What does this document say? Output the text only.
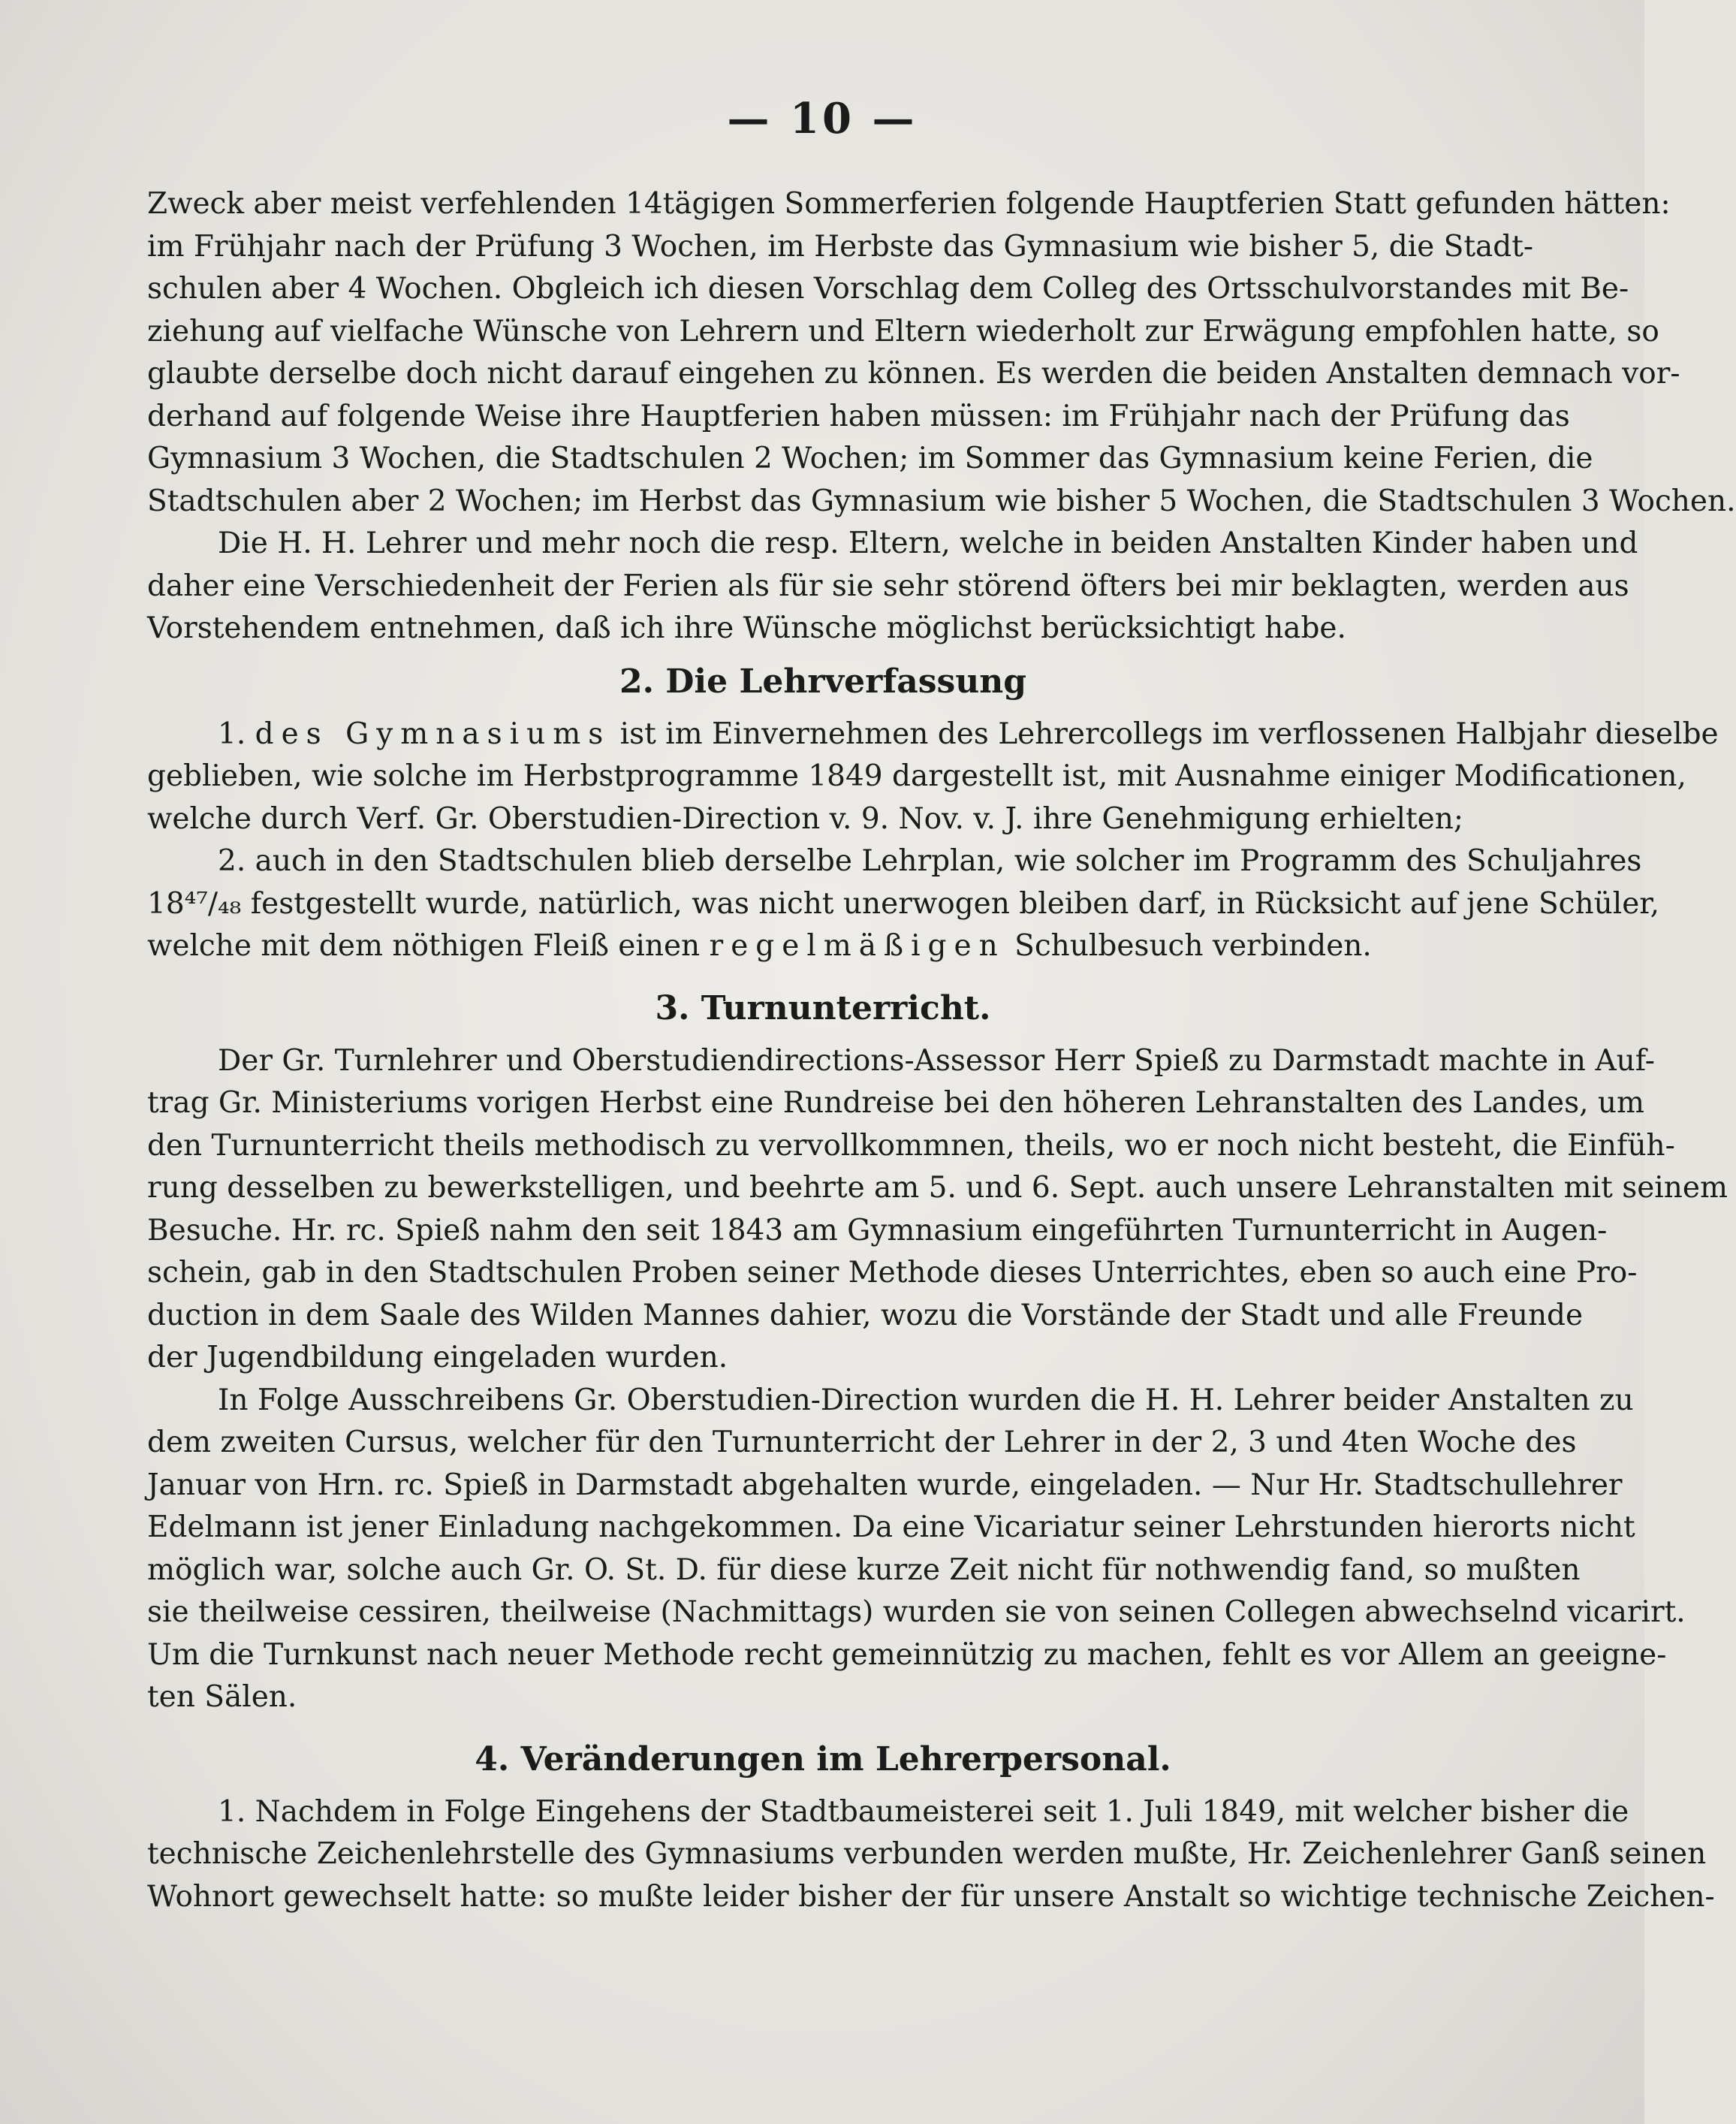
— 10 —
Zweck aber meist verfehlenden 14tägigen Sommerferien folgende Hauptferien Statt gefunden hätten:
im Frühjahr nach der Prüfung 3 Wochen, im Herbste das Gymnasium wie bisher 5, die Stadt-
schulen aber 4 Wochen. Obgleich ich diesen Vorschlag dem Colleg des Ortsschulvorstandes mit Be-
ziehung auf vielfache Wünsche von Lehrern und Eltern wiederholt zur Erwägung empfohlen hatte, so
glaubte derselbe doch nicht darauf eingehen zu können. Es werden die beiden Anstalten demnach vor-
derhand auf folgende Weise ihre Hauptferien haben müssen: im Frühjahr nach der Prüfung das
Gymnasium 3 Wochen, die Stadtschulen 2 Wochen; im Sommer das Gymnasium keine Ferien, die
Stadtschulen aber 2 Wochen; im Herbst das Gymnasium wie bisher 5 Wochen, die Stadtschulen 3 Wochen.
Die H. H. Lehrer und mehr noch die resp. Eltern, welche in beiden Anstalten Kinder haben und
daher eine Verschiedenheit der Ferien als für sie sehr störend öfters bei mir beklagten, werden aus
Vorstehendem entnehmen, daß ich ihre Wünsche möglichst berücksichtigt habe.
2. Die Lehrverfassung
1. des Gymnasiums ist im Einvernehmen des Lehrercollegs im verflossenen Halbjahr dieselbe
geblieben, wie solche im Herbstprogramme 1849 dargestellt ist, mit Ausnahme einiger Modificationen,
welche durch Verf. Gr. Oberstudien-Direction v. 9. Nov. v. J. ihre Genehmigung erhielten;
2. auch in den Stadtschulen blieb derselbe Lehrplan, wie solcher im Programm des Schuljahres
18⁴⁷/₄₈ festgestellt wurde, natürlich, was nicht unerwogen bleiben darf, in Rücksicht auf jene Schüler,
welche mit dem nöthigen Fleiß einen regelmäßigen Schulbesuch verbinden.
3. Turnunterricht.
Der Gr. Turnlehrer und Oberstudiendirections-Assessor Herr Spieß zu Darmstadt machte in Auf-
trag Gr. Ministeriums vorigen Herbst eine Rundreise bei den höheren Lehranstalten des Landes, um
den Turnunterricht theils methodisch zu vervollkommnen, theils, wo er noch nicht besteht, die Einfüh-
rung desselben zu bewerkstelligen, und beehrte am 5. und 6. Sept. auch unsere Lehranstalten mit seinem
Besuche. Hr. rc. Spieß nahm den seit 1843 am Gymnasium eingeführten Turnunterricht in Augen-
schein, gab in den Stadtschulen Proben seiner Methode dieses Unterrichtes, eben so auch eine Pro-
duction in dem Saale des Wilden Mannes dahier, wozu die Vorstände der Stadt und alle Freunde
der Jugendbildung eingeladen wurden.
In Folge Ausschreibens Gr. Oberstudien-Direction wurden die H. H. Lehrer beider Anstalten zu
dem zweiten Cursus, welcher für den Turnunterricht der Lehrer in der 2, 3 und 4ten Woche des
Januar von Hrn. rc. Spieß in Darmstadt abgehalten wurde, eingeladen. — Nur Hr. Stadtschullehrer
Edelmann ist jener Einladung nachgekommen. Da eine Vicariatur seiner Lehrstunden hierorts nicht
möglich war, solche auch Gr. O. St. D. für diese kurze Zeit nicht für nothwendig fand, so mußten
sie theilweise cessiren, theilweise (Nachmittags) wurden sie von seinen Collegen abwechselnd vicarirt.
Um die Turnkunst nach neuer Methode recht gemeinnützig zu machen, fehlt es vor Allem an geeigne-
ten Sälen.
4. Veränderungen im Lehrerpersonal.
1. Nachdem in Folge Eingehens der Stadtbaumeisterei seit 1. Juli 1849, mit welcher bisher die
technische Zeichenlehrstelle des Gymnasiums verbunden werden mußte, Hr. Zeichenlehrer Ganß seinen
Wohnort gewechselt hatte: so mußte leider bisher der für unsere Anstalt so wichtige technische Zeichen-
